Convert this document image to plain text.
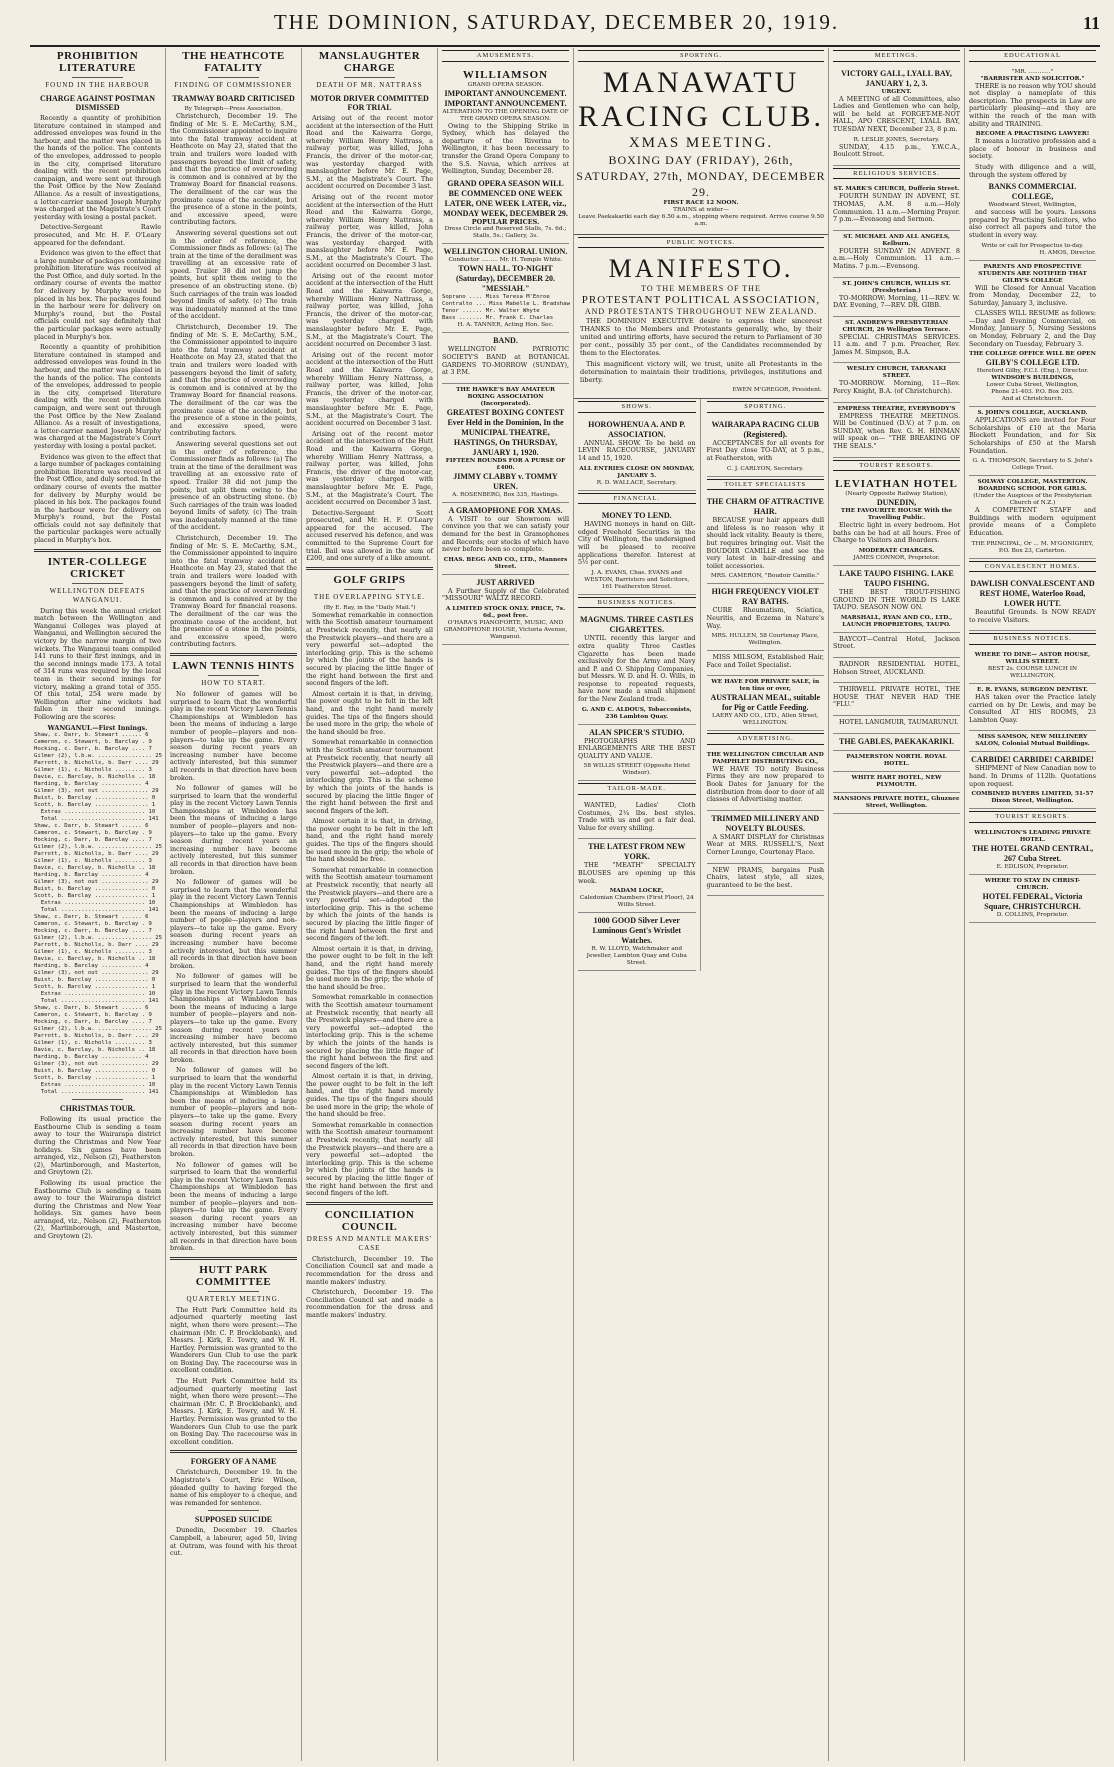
THE DOMINION, SATURDAY, DECEMBER 20, 1919.	11
PROHIBITION LITERATURE
FOUND IN THE HARBOUR
CHARGE AGAINST POSTMAN DISMISSED

Recently a quantity of prohibition literature contained in stamped and addressed envelopes was found in the harbour, and the matter was placed in the hands of the police. The contents of the envelopes, addressed to people in the city, comprised literature dealing with the recent prohibition campaign, and were sent out through the Post Office by the New Zealand Alliance. As a result of investigations, a letter-carrier named Joseph Murphy was charged at the Magistrate's Court yesterday with losing a postal packet.

Detective-Sergeant Rawle prosecuted, and Mr. H. F. O'Leary appeared for the defendant.

Evidence was given to the effect that a large number of packages containing prohibition literature was received at the Post Office, and duly sorted. In the ordinary course of events the matter for delivery by Murphy would be placed in his box. The packages found in the harbour were for delivery on Murphy's round, but the Postal officials could not say definitely that the particular packages were actually placed in Murphy's box.

Recently a quantity of prohibition literature contained in stamped and addressed envelopes was found in the harbour, and the matter was placed in the hands of the police. The contents of the envelopes, addressed to people in the city, comprised literature dealing with the recent prohibition campaign, and were sent out through the Post Office by the New Zealand Alliance. As a result of investigations, a letter-carrier named Joseph Murphy was charged at the Magistrate's Court yesterday with losing a postal packet.

Evidence was given to the effect that a large number of packages containing prohibition literature was received at the Post Office, and duly sorted. In the ordinary course of events the matter for delivery by Murphy would be placed in his box. The packages found in the harbour were for delivery on Murphy's round, but the Postal officials could not say definitely that the particular packages were actually placed in Murphy's box.

INTER-COLLEGE CRICKET
WELLINGTON DEFEATS WANGANUI.

During this week the annual cricket match between the Wellington and Wanganui Colleges was played at Wanganui, and Wellington secured the victory by the narrow margin of two wickets. The Wanganui team compiled 141 runs to their first innings, and in the second innings made 173. A total of 314 runs was required by the local team in their second innings for victory, making a grand total of 355. Of this total, 254 were made by Wellington after nine wickets had fallen in their second innings. Following are the scores:

WANGANUI.—First Innings.
Shaw, c. Darr, b. Stewart ...... 6
Cameron, c. Stewart, b. Barclay . 9
Hocking, c. Darr, b. Barclay .... 7
Gilmer (2), l.b.w. ................ 25
Parrott, b. Nicholls, b. Darr .... 29
Gilmer (1), c. Nicholls ......... 3
Davie, c. Barclay, b. Nicholls .. 18
Harding, b. Barclay ............ 4
Gilmer (3), not out .............. 29
Buist, b. Barclay ................ 0
Scott, b. Barclay ................ 1
Extras ........................ 10
Total ......................... 141
Shaw, c. Darr, b. Stewart ...... 6
Cameron, c. Stewart, b. Barclay . 9
Hocking, c. Darr, b. Barclay .... 7
Gilmer (2), l.b.w. ................ 25
Parrott, b. Nicholls, b. Darr .... 29
Gilmer (1), c. Nicholls ......... 3
Davie, c. Barclay, b. Nicholls .. 18
Harding, b. Barclay ............ 4
Gilmer (3), not out .............. 29
Buist, b. Barclay ................ 0
Scott, b. Barclay ................ 1
Extras ........................ 10
Total ......................... 141
Shaw, c. Darr, b. Stewart ...... 6
Cameron, c. Stewart, b. Barclay . 9
Hocking, c. Darr, b. Barclay .... 7
Gilmer (2), l.b.w. ................ 25
Parrott, b. Nicholls, b. Darr .... 29
Gilmer (1), c. Nicholls ......... 3
Davie, c. Barclay, b. Nicholls .. 18
Harding, b. Barclay ............ 4
Gilmer (3), not out .............. 29
Buist, b. Barclay ................ 0
Scott, b. Barclay ................ 1
Extras ........................ 10
Total ......................... 141
Shaw, c. Darr, b. Stewart ...... 6
Cameron, c. Stewart, b. Barclay . 9
Hocking, c. Darr, b. Barclay .... 7
Gilmer (2), l.b.w. ................ 25
Parrott, b. Nicholls, b. Darr .... 29
Gilmer (1), c. Nicholls ......... 3
Davie, c. Barclay, b. Nicholls .. 18
Harding, b. Barclay ............ 4
Gilmer (3), not out .............. 29
Buist, b. Barclay ................ 0
Scott, b. Barclay ................ 1
Extras ........................ 10
Total ......................... 141
CHRISTMAS TOUR.

Following its usual practice the Eastbourne Club is sending a team away to tour the Wairarapa district during the Christmas and New Year holidays. Six games have been arranged, viz., Nelson (2), Featherston (2), Martinborough, and Masterton, and Greytown (2).

Following its usual practice the Eastbourne Club is sending a team away to tour the Wairarapa district during the Christmas and New Year holidays. Six games have been arranged, viz., Nelson (2), Featherston (2), Martinborough, and Masterton, and Greytown (2).

THE HEATHCOTE FATALITY
FINDING OF COMMISSIONER
TRAMWAY BOARD CRITICISED
By Telegraph—Press Association.

Christchurch, December 19. The finding of Mr. S. E. McCarthy, S.M., the Commissioner appointed to inquire into the fatal tramway accident at Heathcote on May 23, stated that the train and trailers were loaded with passengers beyond the limit of safety, and that the practice of overcrowding is common and is connived at by the Tramway Board for financial reasons. The derailment of the car was the proximate cause of the accident, but the presence of a stone in the points, and excessive speed, were contributing factors.

Answering several questions set out in the order of reference, the Commissioner finds as follows: (a) The train at the time of the derailment was travelling at an excessive rate of speed. Trailer 38 did not jump the points, but split them owing to the presence of an obstructing stone. (b) Such carriages of the train was loaded beyond limits of safety. (c) The train was inadequately manned at the time of the accident.

Christchurch, December 19. The finding of Mr. S. E. McCarthy, S.M., the Commissioner appointed to inquire into the fatal tramway accident at Heathcote on May 23, stated that the train and trailers were loaded with passengers beyond the limit of safety, and that the practice of overcrowding is common and is connived at by the Tramway Board for financial reasons. The derailment of the car was the proximate cause of the accident, but the presence of a stone in the points, and excessive speed, were contributing factors.

Answering several questions set out in the order of reference, the Commissioner finds as follows: (a) The train at the time of the derailment was travelling at an excessive rate of speed. Trailer 38 did not jump the points, but split them owing to the presence of an obstructing stone. (b) Such carriages of the train was loaded beyond limits of safety. (c) The train was inadequately manned at the time of the accident.

Christchurch, December 19. The finding of Mr. S. E. McCarthy, S.M., the Commissioner appointed to inquire into the fatal tramway accident at Heathcote on May 23, stated that the train and trailers were loaded with passengers beyond the limit of safety, and that the practice of overcrowding is common and is connived at by the Tramway Board for financial reasons. The derailment of the car was the proximate cause of the accident, but the presence of a stone in the points, and excessive speed, were contributing factors.

LAWN TENNIS HINTS
HOW TO START.

No follower of games will be surprised to learn that the wonderful play in the recent Victory Lawn Tennis Championships at Wimbledon has been the means of inducing a large number of people—players and non-players—to take up the game. Every season during recent years an increasing number have become actively interested, but this summer all records in that direction have been broken.

No follower of games will be surprised to learn that the wonderful play in the recent Victory Lawn Tennis Championships at Wimbledon has been the means of inducing a large number of people—players and non-players—to take up the game. Every season during recent years an increasing number have become actively interested, but this summer all records in that direction have been broken.

No follower of games will be surprised to learn that the wonderful play in the recent Victory Lawn Tennis Championships at Wimbledon has been the means of inducing a large number of people—players and non-players—to take up the game. Every season during recent years an increasing number have become actively interested, but this summer all records in that direction have been broken.

No follower of games will be surprised to learn that the wonderful play in the recent Victory Lawn Tennis Championships at Wimbledon has been the means of inducing a large number of people—players and non-players—to take up the game. Every season during recent years an increasing number have become actively interested, but this summer all records in that direction have been broken.

No follower of games will be surprised to learn that the wonderful play in the recent Victory Lawn Tennis Championships at Wimbledon has been the means of inducing a large number of people—players and non-players—to take up the game. Every season during recent years an increasing number have become actively interested, but this summer all records in that direction have been broken.

No follower of games will be surprised to learn that the wonderful play in the recent Victory Lawn Tennis Championships at Wimbledon has been the means of inducing a large number of people—players and non-players—to take up the game. Every season during recent years an increasing number have become actively interested, but this summer all records in that direction have been broken.

HUTT PARK COMMITTEE
QUARTERLY MEETING.

The Hutt Park Committee held its adjourned quarterly meeting last night, when there were present:—The chairman (Mr. C. P. Brocklebank), and Messrs. J. Kirk, E. Tewry, and W. H. Hartley. Permission was granted to the Wanderers Gun Club to use the park on Boxing Day. The racecourse was in excellent condition.

The Hutt Park Committee held its adjourned quarterly meeting last night, when there were present:—The chairman (Mr. C. P. Brocklebank), and Messrs. J. Kirk, E. Tewry, and W. H. Hartley. Permission was granted to the Wanderers Gun Club to use the park on Boxing Day. The racecourse was in excellent condition.

FORGERY OF A NAME

Christchurch, December 19. In the Magistrate's Court, Eric Wilson, pleaded guilty to having forged the name of his employer to a cheque, and was remanded for sentence.

SUPPOSED SUICIDE

Dunedin, December 19. Charles Campbell, a labourer, aged 50, living at Outram, was found with his throat cut.

MANSLAUGHTER CHARGE
DEATH OF MR. NATTRASS
MOTOR DRIVER COMMITTED FOR TRIAL

Arising out of the recent motor accident at the intersection of the Hutt Road and the Kaiwarra Gorge, whereby William Henry Nattrass, a railway porter, was killed, John Francis, the driver of the motor-car, was yesterday charged with manslaughter before Mr. E. Page, S.M., at the Magistrate's Court. The accident occurred on December 3 last.

Arising out of the recent motor accident at the intersection of the Hutt Road and the Kaiwarra Gorge, whereby William Henry Nattrass, a railway porter, was killed, John Francis, the driver of the motor-car, was yesterday charged with manslaughter before Mr. E. Page, S.M., at the Magistrate's Court. The accident occurred on December 3 last.

Arising out of the recent motor accident at the intersection of the Hutt Road and the Kaiwarra Gorge, whereby William Henry Nattrass, a railway porter, was killed, John Francis, the driver of the motor-car, was yesterday charged with manslaughter before Mr. E. Page, S.M., at the Magistrate's Court. The accident occurred on December 3 last.

Arising out of the recent motor accident at the intersection of the Hutt Road and the Kaiwarra Gorge, whereby William Henry Nattrass, a railway porter, was killed, John Francis, the driver of the motor-car, was yesterday charged with manslaughter before Mr. E. Page, S.M., at the Magistrate's Court. The accident occurred on December 3 last.

Arising out of the recent motor accident at the intersection of the Hutt Road and the Kaiwarra Gorge, whereby William Henry Nattrass, a railway porter, was killed, John Francis, the driver of the motor-car, was yesterday charged with manslaughter before Mr. E. Page, S.M., at the Magistrate's Court. The accident occurred on December 3 last.

Detective-Sergeant Scott prosecuted, and Mr. H. F. O'Leary appeared for the accused. The accused reserved his defence, and was committed to the Supreme Court for trial. Bail was allowed in the sum of £200, and one surety of a like amount.

GOLF GRIPS
THE OVERLAPPING STYLE.
(By E. Ray, in the "Daily Mail.")

Somewhat remarkable in connection with the Scottish amateur tournament at Prestwick recently, that nearly all the Prestwick players—and there are a very powerful set—adopted the interlocking grip. This is the scheme by which the joints of the hands is secured by placing the little finger of the right hand between the first and second fingers of the left.

Almost certain it is that, in driving, the power ought to be felt in the left hand, and the right hand merely guides. The tips of the fingers should be used more in the grip; the whole of the hand should be free.

Somewhat remarkable in connection with the Scottish amateur tournament at Prestwick recently, that nearly all the Prestwick players—and there are a very powerful set—adopted the interlocking grip. This is the scheme by which the joints of the hands is secured by placing the little finger of the right hand between the first and second fingers of the left.

Almost certain it is that, in driving, the power ought to be felt in the left hand, and the right hand merely guides. The tips of the fingers should be used more in the grip; the whole of the hand should be free.

Somewhat remarkable in connection with the Scottish amateur tournament at Prestwick recently, that nearly all the Prestwick players—and there are a very powerful set—adopted the interlocking grip. This is the scheme by which the joints of the hands is secured by placing the little finger of the right hand between the first and second fingers of the left.

Almost certain it is that, in driving, the power ought to be felt in the left hand, and the right hand merely guides. The tips of the fingers should be used more in the grip; the whole of the hand should be free.

Somewhat remarkable in connection with the Scottish amateur tournament at Prestwick recently, that nearly all the Prestwick players—and there are a very powerful set—adopted the interlocking grip. This is the scheme by which the joints of the hands is secured by placing the little finger of the right hand between the first and second fingers of the left.

Almost certain it is that, in driving, the power ought to be felt in the left hand, and the right hand merely guides. The tips of the fingers should be used more in the grip; the whole of the hand should be free.

Somewhat remarkable in connection with the Scottish amateur tournament at Prestwick recently, that nearly all the Prestwick players—and there are a very powerful set—adopted the interlocking grip. This is the scheme by which the joints of the hands is secured by placing the little finger of the right hand between the first and second fingers of the left.

CONCILIATION COUNCIL
DRESS AND MANTLE MAKERS' CASE

Christchurch, December 19. The Conciliation Council sat and made a recommendation for the dress and mantle makers' industry.

Christchurch, December 19. The Conciliation Council sat and made a recommendation for the dress and mantle makers' industry.

AMUSEMENTS.
WILLIAMSON
GRAND OPERA SEASON.
IMPORTANT ANNOUNCEMENT. IMPORTANT ANNOUNCEMENT.
ALTERATION TO THE OPENING DATE OF THE GRAND OPERA SEASON.

Owing to the Shipping Strike in Sydney, which has delayed the departure of the Riverina to Wellington, it has been necessary to transfer the Grand Opera Company to the S.S. Navua, which arrives at Wellington, Sunday, December 28.

GRAND OPERA SEASON WILL BE COMMENCED ONE WEEK LATER, ONE WEEK LATER, viz., MONDAY WEEK, DECEMBER 29.
POPULAR PRICES.
Dress Circle and Reserved Stalls, 7s. 6d.; Stalls, 5s.; Gallery, 3s.
WELLINGTON CHORAL UNION.
Conductor ......... Mr. H. Temple White.
TOWN HALL. TO-NIGHT (Saturday), DECEMBER 20. "MESSIAH."
Soprano .... Miss Teresa M'Enroe
Contralto ... Miss Mabelle L. Bradshaw
Tenor ...... Mr. Walter Whyte
Bass ....... Mr. Frank C. Charles
H. A. TANNER, Acting Hon. Sec.
BAND.

WELLINGTON PATRIOTIC SOCIETY'S BAND at BOTANICAL GARDENS TO-MORROW (SUNDAY), at 3 P.M.

THE HAWKE'S BAY AMATEUR BOXING ASSOCIATION (Incorporated).
GREATEST BOXING CONTEST Ever Held in the Dominion, In the MUNICIPAL THEATRE, HASTINGS, On THURSDAY, JANUARY 1, 1920.
FIFTEEN ROUNDS FOR A PURSE OF £400.
JIMMY CLABBY v. TOMMY UREN.
A. ROSENBERG, Box 335, Hastings.
A GRAMOPHONE FOR XMAS.

A VISIT to our Showroom will convince you that we can satisfy your demand for the best in Gramophones and Records; our stocks of which have never before been so complete.

CHAS. BEGG AND CO., LTD., Manners Street.
JUST ARRIVED

A Further Supply of the Celebrated "MISSOURI" WALTZ RECORD.

A LIMITED STOCK ONLY. PRICE, 7s. 6d., post free.
O'HARA'S PIANOFORTE, MUSIC, AND GRAMOPHONE HOUSE, Victoria Avenue, Wanganui.
SPORTING.
MANAWATU RACING CLUB.
XMAS MEETING.
BOXING DAY (FRIDAY), 26th, SATURDAY, 27th, MONDAY, DECEMBER 29.
FIRST RACE 12 NOON.
TRAINS at wider—
Leave Paekakariki each day 6.50 a.m., stopping where required. Arrive course 9.50 a.m.
PUBLIC NOTICES.
MANIFESTO.
TO THE MEMBERS OF THE
PROTESTANT POLITICAL ASSOCIATION,
AND PROTESTANTS THROUGHOUT NEW ZEALAND.

THE DOMINION EXECUTIVE desire to express their sincerest THANKS to the Members and Protestants generally, who, by their united and untiring efforts, have secured the return to Parliament of 30 per cent., possibly 35 per cent., of the Candidates recommended by them to the Electorates.

This magnificent victory will, we trust, unite all Protestants in the determination to maintain their traditions, privileges, institutions and liberty.

EWEN M'GREGOR, President.
SHOWS.
HOROWHENUA A. AND P. ASSOCIATION.

ANNUAL SHOW. To be held on LEVIN RACECOURSE, JANUARY 14 and 15, 1920.

ALL ENTRIES CLOSE ON MONDAY, JANUARY 5.
R. D. WALLACE, Secretary.
FINANCIAL.
MONEY TO LEND.

HAVING moneys in hand on Gilt-edged Freehold Securities in the City of Wellington, the undersigned will be pleased to receive applications therefor. Interest at 5½ per cent.

J. A. EVANS, Chas. EVANS and WESTON, Barristers and Solicitors, 161 Featherston Street.
BUSINESS NOTICES.
MAGNUMS. THREE CASTLES CIGARETTES.

UNTIL recently this larger and extra quality Three Castles Cigarette has been made exclusively for the Army and Navy and P. and O. Shipping Companies, but Messrs. W. D. and H. O. Wills, in response to repeated requests, have now made a small shipment for the New Zealand trade.

G. AND C. ALDOUS, Tobacconists, 236 Lambton Quay.
ALAN SPICER'S STUDIO.

PHOTOGRAPHS AND ENLARGEMENTS ARE THE BEST QUALITY AND VALUE.

58 WILLIS STREET (Opposite Hotel Windsor).
TAILOR-MADE.

WANTED, Ladies' Cloth Costumes, 2¼ lbs. best styles. Trade with us and get a fair deal. Value for every shilling.

THE LATEST FROM NEW YORK.

THE "MEATH" SPECIALTY BLOUSES are opening up this week.

MADAM LOCKE,
Caledonian Chambers (First Floor), 24 Willis Street.
1000 GOOD Silver Lever Luminous Gent's Wristlet Watches.
R. W. LLOYD, Watchmaker and Jeweller, Lambton Quay and Cuba Street.
SPORTING.
WAIRARAPA RACING CLUB (Registered).

ACCEPTANCES for all events for First Day close TO-DAY, at 5 p.m., at Featherston, with

C. J. CARLYON, Secretary.
TOILET SPECIALISTS
THE CHARM OF ATTRACTIVE HAIR.

BECAUSE your hair appears dull and lifeless is no reason why it should lack vitality. Beauty is there, but requires bringing out. Visit the BOUDOIR CAMILLE and see the very latest in hair-dressing and toilet accessories.

MRS. CAMERON, "Boudoir Camille."
HIGH FREQUENCY VIOLET RAY BATHS.

CURE Rheumatism, Sciatica, Neuritis, and Eczema in Nature's Way.

MRS. HULLEN, 58 Courtenay Place, Wellington.

MISS MILSOM, Established Hair, Face and Toilet Specialist.

WE HAVE FOR PRIVATE SALE, in ten tins or over,
AUSTRALIAN MEAL, suitable for Pig or Cattle Feeding.
LAERY AND CO., LTD., Allen Street, WELLINGTON.
ADVERTISING.
THE WELLINGTON CIRCULAR AND PAMPHLET DISTRIBUTING CO.,

WE HAVE TO notify Business Firms they are now prepared to Book Dates for January for the distribution from door to door of all classes of Advertising matter.

TRIMMED MILLINERY AND NOVELTY BLOUSES.

A SMART DISPLAY for Christmas Wear at MRS. RUSSELL'S, Next Corner Lounge, Courtenay Place.

NEW PRAMS, bargains Push Chairs, latest style, all sizes, guaranteed to be the best.

MEETINGS.
VICTORY GALL, LYALL BAY, JANUARY 1, 2, 3.
URGENT.

A MEETING of all Committees, also Ladies and Gentlemen who can help, will be held at FORGET-ME-NOT HALL, APO CRESCENT, LYALL BAY, TUESDAY NEXT, December 23, 8 p.m.

R. LESLIE JONES, Secretary.

SUNDAY, 4.15 p.m., Y.W.C.A., Boulcott Street.

RELIGIOUS SERVICES.
ST. MARK'S CHURCH, Dufferin Street.

FOURTH SUNDAY IN ADVENT, ST. THOMAS, A.M. 8 a.m.—Holy Communion. 11 a.m.—Morning Prayer. 7 p.m.—Evensong and Sermon.

ST. MICHAEL AND ALL ANGELS, Kelburn.

FOURTH SUNDAY IN ADVENT. 8 a.m.—Holy Communion. 11 a.m.—Matins. 7 p.m.—Evensong.

ST. JOHN'S CHURCH, WILLIS ST. (Presbyterian.)

TO-MORROW: Morning, 11—REV. W. DAY. Evening, 7—REV. DR. GIBB.

ST. ANDREW'S PRESBYTERIAN CHURCH, 26 Wellington Terrace.

SPECIAL CHRISTMAS SERVICES. 11 a.m. and 7 p.m. Preacher, Rev. James M. Simpson, B.A.

WESLEY CHURCH, TARANAKI STREET.

TO-MORROW. Morning, 11—Rev. Percy Knight, B.A. (of Christchurch).

EMPRESS THEATRE, EVERYBODY'S

EMPRESS THEATRE MEETINGS. Will be Continued (D.V.) at 7 p.m. on SUNDAY, when Rev. G. H. HINMAN will speak on— "THE BREAKING OF THE SEALS."

TOURIST RESORTS.
LEVIATHAN HOTEL
(Nearly Opposite Railway Station),
DUNEDIN,
THE FAVOURITE HOUSE With the Travelling Public.

Electric light in every bedroom. Hot baths can be had at all hours. Free of Charge to Visitors and Boarders.

MODERATE CHARGES.
JAMES CONNOR, Proprietor.
LAKE TAUPO FISHING. LAKE TAUPO FISHING.

THE BEST TROUT-FISHING GROUND IN THE WORLD IS LAKE TAUPO. SEASON NOW ON.

MARSHALL, RYAN AND CO., LTD., LAUNCH PROPRIETORS, TAUPO.

BAYCOT—Central Hotel, Jackson Street.

RADNOR RESIDENTIAL HOTEL, Hobson Street, AUCKLAND.

THIRWELL PRIVATE HOTEL, THE HOUSE THAT NEVER HAD THE "FLU."

HOTEL LANGMUIR, TAUMARUNUI.

THE GABLES, PAEKAKARIKI.
PALMERSTON NORTH. ROYAL HOTEL.
WHITE HART HOTEL, NEW PLYMOUTH.
MANSIONS PRIVATE HOTEL, Ghuznee Street, Wellington.
EDUCATIONAL
"MR. ............"
"BARRISTER AND SOLICITOR."

THERE is no reason why YOU should not display a nameplate of this description. The prospects in Law are particularly pleasing—and they are within the reach of the man with ability and TRAINING.

BECOME A PRACTISING LAWYER!

It means a lucrative profession and a place of honour in business and society.

Study with diligence and a will, through the system offered by

BANKS COMMERCIAL COLLEGE,
Woodward Street, Wellington,

and success will be yours. Lessons prepared by Practising Solicitors, who also correct all papers and tutor the student in every way.

Write or call for Prospectus to-day.
H. AMOS, Director.
PARENTS AND PROSPECTIVE STUDENTS ARE NOTIFIED THAT GILBY'S COLLEGE

Will be Closed for Annual Vacation from Monday, December 22, to Saturday, January 3, inclusive.

CLASSES WILL RESUME as follows:—Day and Evening Commercial, on Monday, January 5, Nursing Sessions on Monday, February 2, and the Day Secondary on Tuesday, February 3.

THE COLLEGE OFFICE WILL BE OPEN
GILBY'S COLLEGE LTD.
Hereford Gilby, F.C.I. (Eng.), Director.
WINDSOR'S BUILDINGS,
Lower Cuba Street, Wellington,
Phone 21-403. P.O. Box 203.
And at Christchurch.
S. JOHN'S COLLEGE, AUCKLAND.

APPLICATIONS are invited for Four Scholarships of £10 at the Maria Blockett Foundation, and for Six Scholarships of £50 at the Marsh Foundation.

G. A. THOMPSON, Secretary to S. John's College Trust.
SOLWAY COLLEGE, MASTERTON. BOARDING SCHOOL FOR GIRLS.
(Under the Auspices of the Presbyterian Church of N.Z.)

A COMPETENT STAFF and Buildings with modern equipment provide means of a Complete Education.

THE PRINCIPAL, Or ... M. M'GONIGHEY, P.O. Box 23, Carterton.
CONVALESCENT HOMES.
DAWLISH CONVALESCENT AND REST HOME, Waterloo Road, LOWER HUTT.

Beautiful Grounds. Is NOW READY to receive Visitors.

BUSINESS NOTICES.
WHERE TO DINE— ASTOR HOUSE, WILLIS STREET.
BEST 2s. COURSE LUNCH IN WELLINGTON,
E. R. EVANS, SURGEON DENTIST.

HAS taken over the Practice lately carried on by Dr. Lewis, and may be Consulted AT HIS ROOMS, 23 Lambton Quay.

MISS SAMSON, NEW MILLINERY SALON, Colonial Mutual Buildings.
CARBIDE! CARBIDE! CARBIDE!

SHIPMENT of New Canadian now to hand. In Drums of 112lb. Quotations upon request.

COMBINED BUYERS LIMITED, 51-57 Dixon Street, Wellington.
TOURIST RESORTS.
WELLINGTON'S LEADING PRIVATE HOTEL.
THE HOTEL GRAND CENTRAL, 267 Cuba Street.
E. EDLISON, Proprietor.
WHERE TO STAY IN CHRIST-CHURCH.
HOTEL FEDERAL, Victoria Square, CHRISTCHURCH.
D. COLLINS, Proprietor.
